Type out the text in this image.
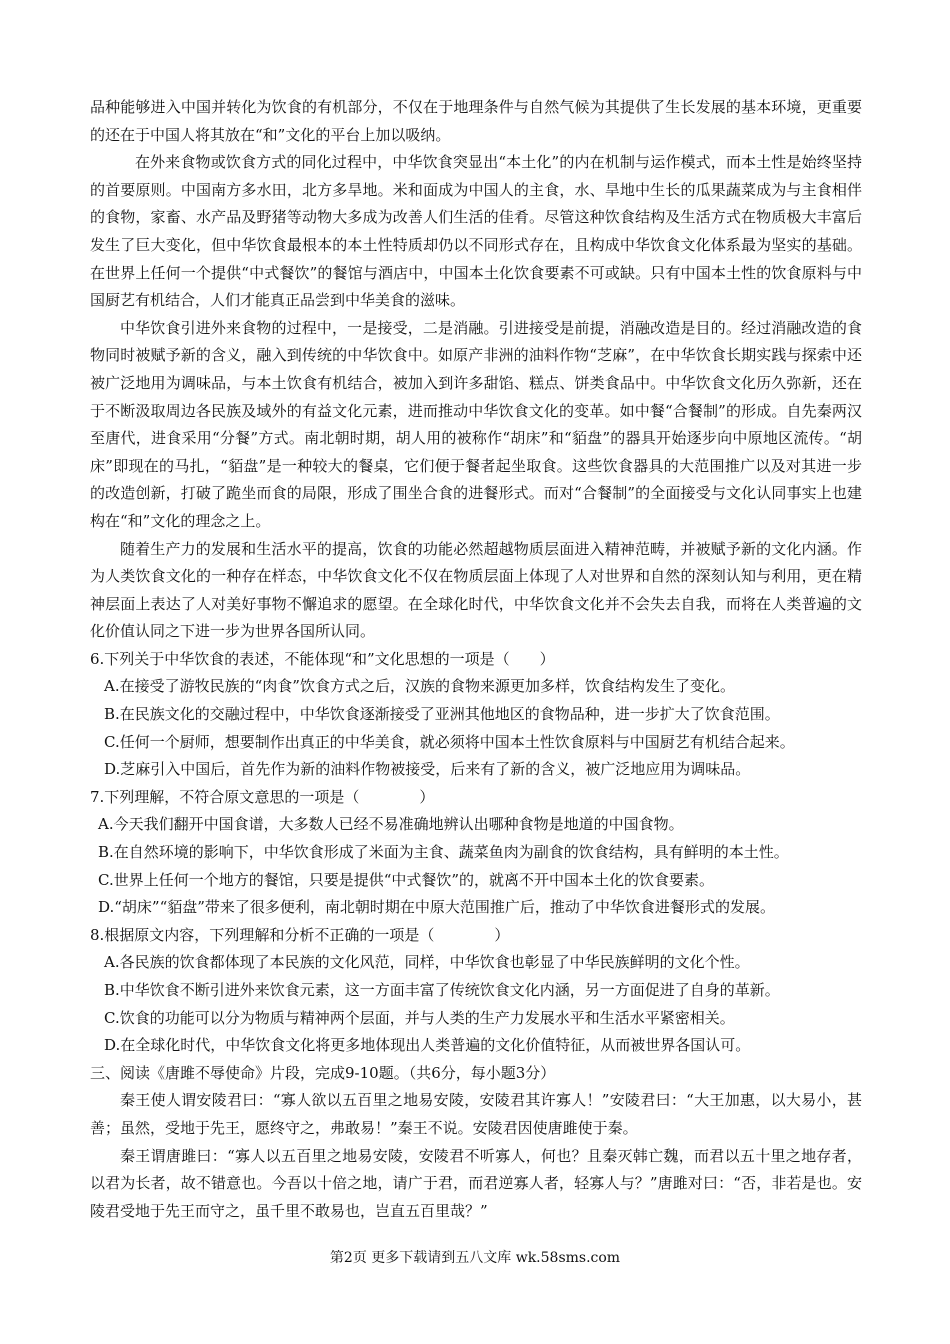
品种能够进入中国并转化为饮食的有机部分，不仅在于地理条件与自然气候为其提供了生长发展的基本环境，更重要的还在于中国人将其放在“和”文化的平台上加以吸纳。

在外来食物或饮食方式的同化过程中，中华饮食突显出“本土化”的内在机制与运作模式，而本土性是始终坚持的首要原则。中国南方多水田，北方多旱地。米和面成为中国人的主食，水、旱地中生长的瓜果蔬菜成为与主食相伴的食物，家畜、水产品及野猪等动物大多成为改善人们生活的佳肴。尽管这种饮食结构及生活方式在物质极大丰富后发生了巨大变化，但中华饮食最根本的本土性特质却仍以不同形式存在，且构成中华饮食文化体系最为坚实的基础。在世界上任何一个提供“中式餐饮”的餐馆与酒店中，中国本土化饮食要素不可或缺。只有中国本土性的饮食原料与中国厨艺有机结合，人们才能真正品尝到中华美食的滋味。

中华饮食引进外来食物的过程中，一是接受，二是消融。引进接受是前提，消融改造是目的。经过消融改造的食物同时被赋予新的含义，融入到传统的中华饮食中。如原产非洲的油料作物“芝麻”，在中华饮食长期实践与探索中还被广泛地用为调味品，与本土饮食有机结合，被加入到许多甜馅、糕点、饼类食品中。中华饮食文化历久弥新，还在于不断汲取周边各民族及域外的有益文化元素，进而推动中华饮食文化的变革。如中餐“合餐制”的形成。自先秦两汉至唐代，进食采用“分餐”方式。南北朝时期，胡人用的被称作“胡床”和“貊盘”的器具开始逐步向中原地区流传。“胡床”即现在的马扎，“貊盘”是一种较大的餐桌，它们便于餐者起坐取食。这些饮食器具的大范围推广以及对其进一步的改造创新，打破了跪坐而食的局限，形成了围坐合食的进餐形式。而对“合餐制”的全面接受与文化认同事实上也建构在“和”文化的理念之上。

随着生产力的发展和生活水平的提高，饮食的功能必然超越物质层面进入精神范畴，并被赋予新的文化内涵。作为人类饮食文化的一种存在样态，中华饮食文化不仅在物质层面上体现了人对世界和自然的深刻认知与利用，更在精神层面上表达了人对美好事物不懈追求的愿望。在全球化时代，中华饮食文化并不会失去自我，而将在人类普遍的文化价值认同之下进一步为世界各国所认同。

6.下列关于中华饮食的表述，不能体现“和”文化思想的一项是（　　）

A.在接受了游牧民族的“肉食”饮食方式之后，汉族的食物来源更加多样，饮食结构发生了变化。

B.在民族文化的交融过程中，中华饮食逐渐接受了亚洲其他地区的食物品种，进一步扩大了饮食范围。

C.任何一个厨师，想要制作出真正的中华美食，就必须将中国本土性饮食原料与中国厨艺有机结合起来。

D.芝麻引入中国后，首先作为新的油料作物被接受，后来有了新的含义，被广泛地应用为调味品。

7.下列理解，不符合原文意思的一项是（　　　　）

A.今天我们翻开中国食谱，大多数人已经不易准确地辨认出哪种食物是地道的中国食物。

B.在自然环境的影响下，中华饮食形成了米面为主食、蔬菜鱼肉为副食的饮食结构，具有鲜明的本土性。

C.世界上任何一个地方的餐馆，只要是提供“中式餐饮”的，就离不开中国本土化的饮食要素。

D.“胡床”“貊盘”带来了很多便利，南北朝时期在中原大范围推广后，推动了中华饮食进餐形式的发展。

8.根据原文内容，下列理解和分析不正确的一项是（　　　　）

A.各民族的饮食都体现了本民族的文化风范，同样，中华饮食也彰显了中华民族鲜明的文化个性。

B.中华饮食不断引进外来饮食元素，这一方面丰富了传统饮食文化内涵，另一方面促进了自身的革新。

C.饮食的功能可以分为物质与精神两个层面，并与人类的生产力发展水平和生活水平紧密相关。

D.在全球化时代，中华饮食文化将更多地体现出人类普遍的文化价值特征，从而被世界各国认可。

三、阅读《唐雎不辱使命》片段，完成9-10题。（共6分，每小题3分）

秦王使人谓安陵君曰：“寡人欲以五百里之地易安陵，安陵君其许寡人！”安陵君曰：“大王加惠，以大易小，甚善；虽然，受地于先王，愿终守之，弗敢易！”秦王不说。安陵君因使唐雎使于秦。

秦王谓唐雎曰：“寡人以五百里之地易安陵，安陵君不听寡人，何也？且秦灭韩亡魏，而君以五十里之地存者，以君为长者，故不错意也。今吾以十倍之地，请广于君，而君逆寡人者，轻寡人与？”唐雎对曰：“否，非若是也。安陵君受地于先王而守之，虽千里不敢易也，岂直五百里哉？”

第2页 更多下载请到五八文库 wk.58sms.com
